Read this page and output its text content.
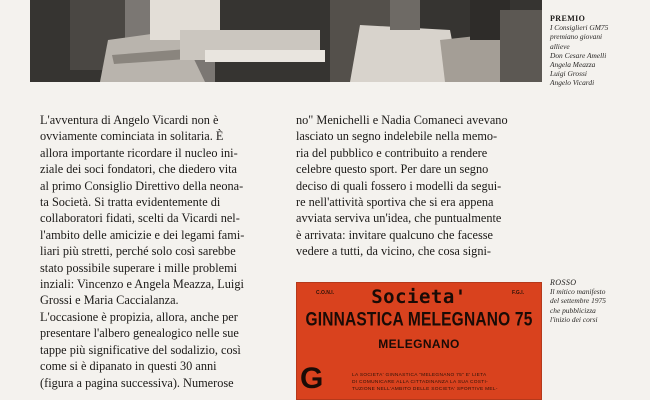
PREMIO
I Consiglieri GM75
premiano giovani
allieve
Don Cesare Amelli
Angela Meazza
Luigi Grossi
Angelo Vicardi
L'avventura di Angelo Vicardi non è
ovviamente cominciata in solitaria. È
allora importante ricordare il nucleo ini-
ziale dei soci fondatori, che diedero vita
al primo Consiglio Direttivo della neona-
ta Società. Si tratta evidentemente di
collaboratori fidati, scelti da Vicardi nel-
l'ambito delle amicizie e dei legami fami-
liari più stretti, perché solo così sarebbe
stato possibile superare i mille problemi
inziali: Vincenzo e Angela Meazza, Luigi
Grossi e Maria Caccialanza.
L'occasione è propizia, allora, anche per
presentare l'albero genealogico nelle sue
tappe più significative del sodalizio, così
come si è dipanato in questi 30 anni
(figura a pagina successiva). Numerose
no" Menichelli e Nadia Comaneci avevano
lasciato un segno indelebile nella memo-
ria del pubblico e contribuito a rendere
celebre questo sport. Per dare un segno
deciso di quali fossero i modelli da segui-
re nell'attività sportiva che si era appena
avviata serviva un'idea, che puntualmente
è arrivata: invitare qualcuno che facesse
vedere a tutti, da vicino, che cosa signi-
C.O.N.I.	F.G.I.
Societa'
GINNASTICA MELEGNANO 75
MELEGNANO
G	LA SOCIETA' GINNASTICA "MELEGNANO 75" E' LIETA
DI COMUNICARE ALLA CITTADINANZA LA SUA COSTI-
TUZIONE NELL'AMBITO DELLE SOCIETA' SPORTIVE MEL-
ROSSO
Il mitico manifesto
del settembre 1975
che pubblicizza
l'inizio dei corsi
